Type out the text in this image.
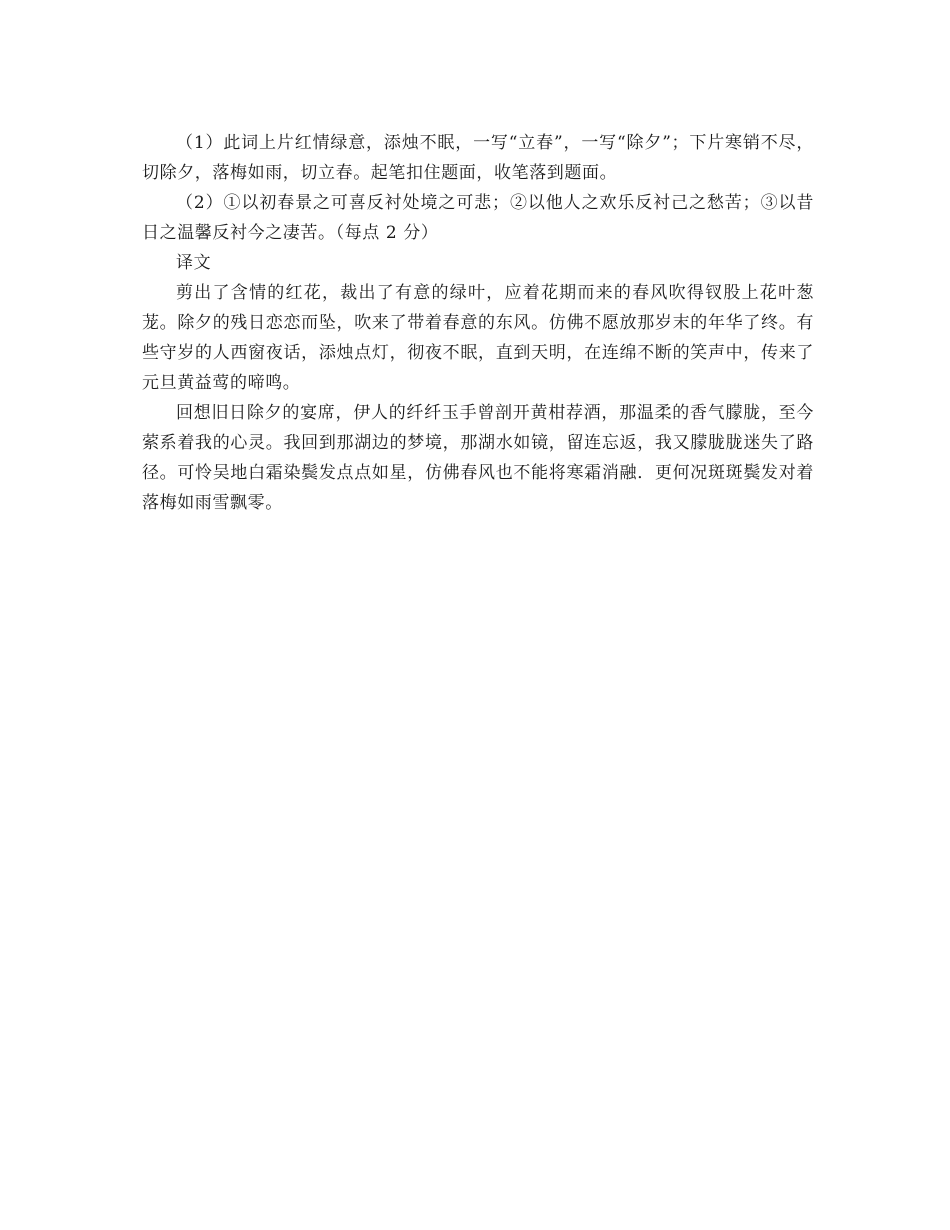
（1）此词上片红情绿意，添烛不眠，一写“立春”，一写“除夕”；下片寒销不尽，切除夕，落梅如雨，切立春。起笔扣住题面，收笔落到题面。

（2）①以初春景之可喜反衬处境之可悲；②以他人之欢乐反衬己之愁苦；③以昔日之温馨反衬今之凄苦。（每点 2 分）

译文

剪出了含情的红花，裁出了有意的绿叶，应着花期而来的春风吹得钗股上花叶葱茏。除夕的残日恋恋而坠，吹来了带着春意的东风。仿佛不愿放那岁末的年华了终。有些守岁的人西窗夜话，添烛点灯，彻夜不眠，直到天明，在连绵不断的笑声中，传来了元旦黄益莺的啼鸣。

回想旧日除夕的宴席，伊人的纤纤玉手曾剖开黄柑荐酒，那温柔的香气朦胧，至今萦系着我的心灵。我回到那湖边的梦境，那湖水如镜，留连忘返，我又朦胧胧迷失了路径。可怜吴地白霜染鬓发点点如星，仿佛春风也不能将寒霜消融．更何况斑斑鬓发对着落梅如雨雪飘零。
